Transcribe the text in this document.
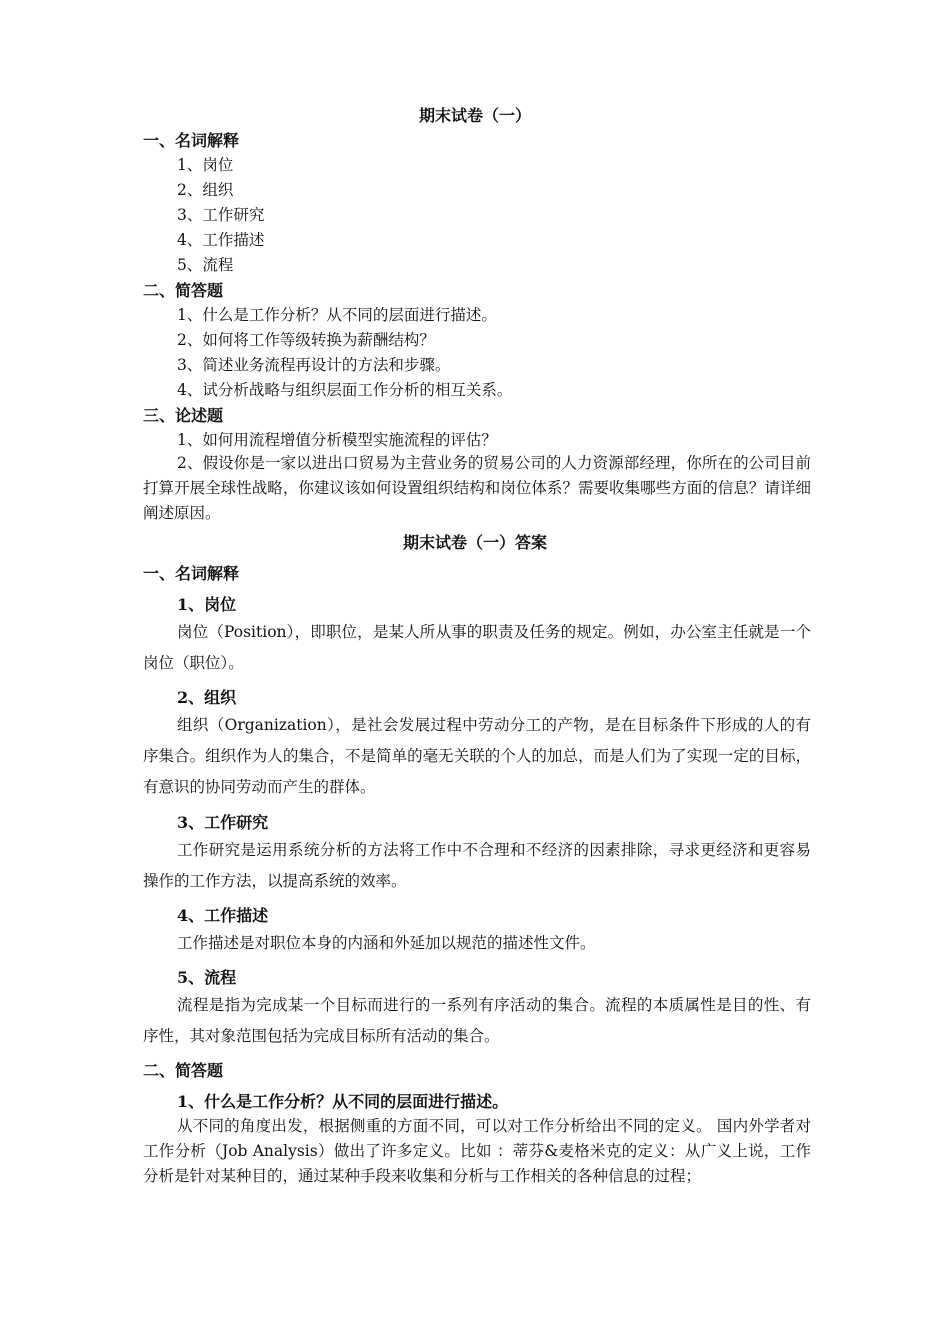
期末试卷（一）
一、名词解释
1、岗位
2、组织
3、工作研究
4、工作描述
5、流程
二、简答题
1、什么是工作分析？从不同的层面进行描述。
2、如何将工作等级转换为薪酬结构？
3、简述业务流程再设计的方法和步骤。
4、试分析战略与组织层面工作分析的相互关系。
三、论述题
1、如何用流程增值分析模型实施流程的评估？
2、假设你是一家以进出口贸易为主营业务的贸易公司的人力资源部经理，你所在的公司目前打算开展全球性战略，你建议该如何设置组织结构和岗位体系？需要收集哪些方面的信息？请详细阐述原因。
期末试卷（一）答案
一、名词解释
1、岗位
岗位（Position），即职位，是某人所从事的职责及任务的规定。例如，办公室主任就是一个岗位（职位）。
2、组织
组织（Organization），是社会发展过程中劳动分工的产物，是在目标条件下形成的人的有序集合。组织作为人的集合，不是简单的毫无关联的个人的加总，而是人们为了实现一定的目标，有意识的协同劳动而产生的群体。
3、工作研究
工作研究是运用系统分析的方法将工作中不合理和不经济的因素排除，寻求更经济和更容易操作的工作方法，以提高系统的效率。
4、工作描述
工作描述是对职位本身的内涵和外延加以规范的描述性文件。
5、流程
流程是指为完成某一个目标而进行的一系列有序活动的集合。流程的本质属性是目的性、有序性，其对象范围包括为完成目标所有活动的集合。
二、简答题
1、什么是工作分析？从不同的层面进行描述。
从不同的角度出发，根据侧重的方面不同，可以对工作分析给出不同的定义。 国内外学者对工作分析（Job Analysis）做出了许多定义。比如 ：蒂芬&麦格米克的定义：从广义上说，工作分析是针对某种目的，通过某种手段来收集和分析与工作相关的各种信息的过程；
